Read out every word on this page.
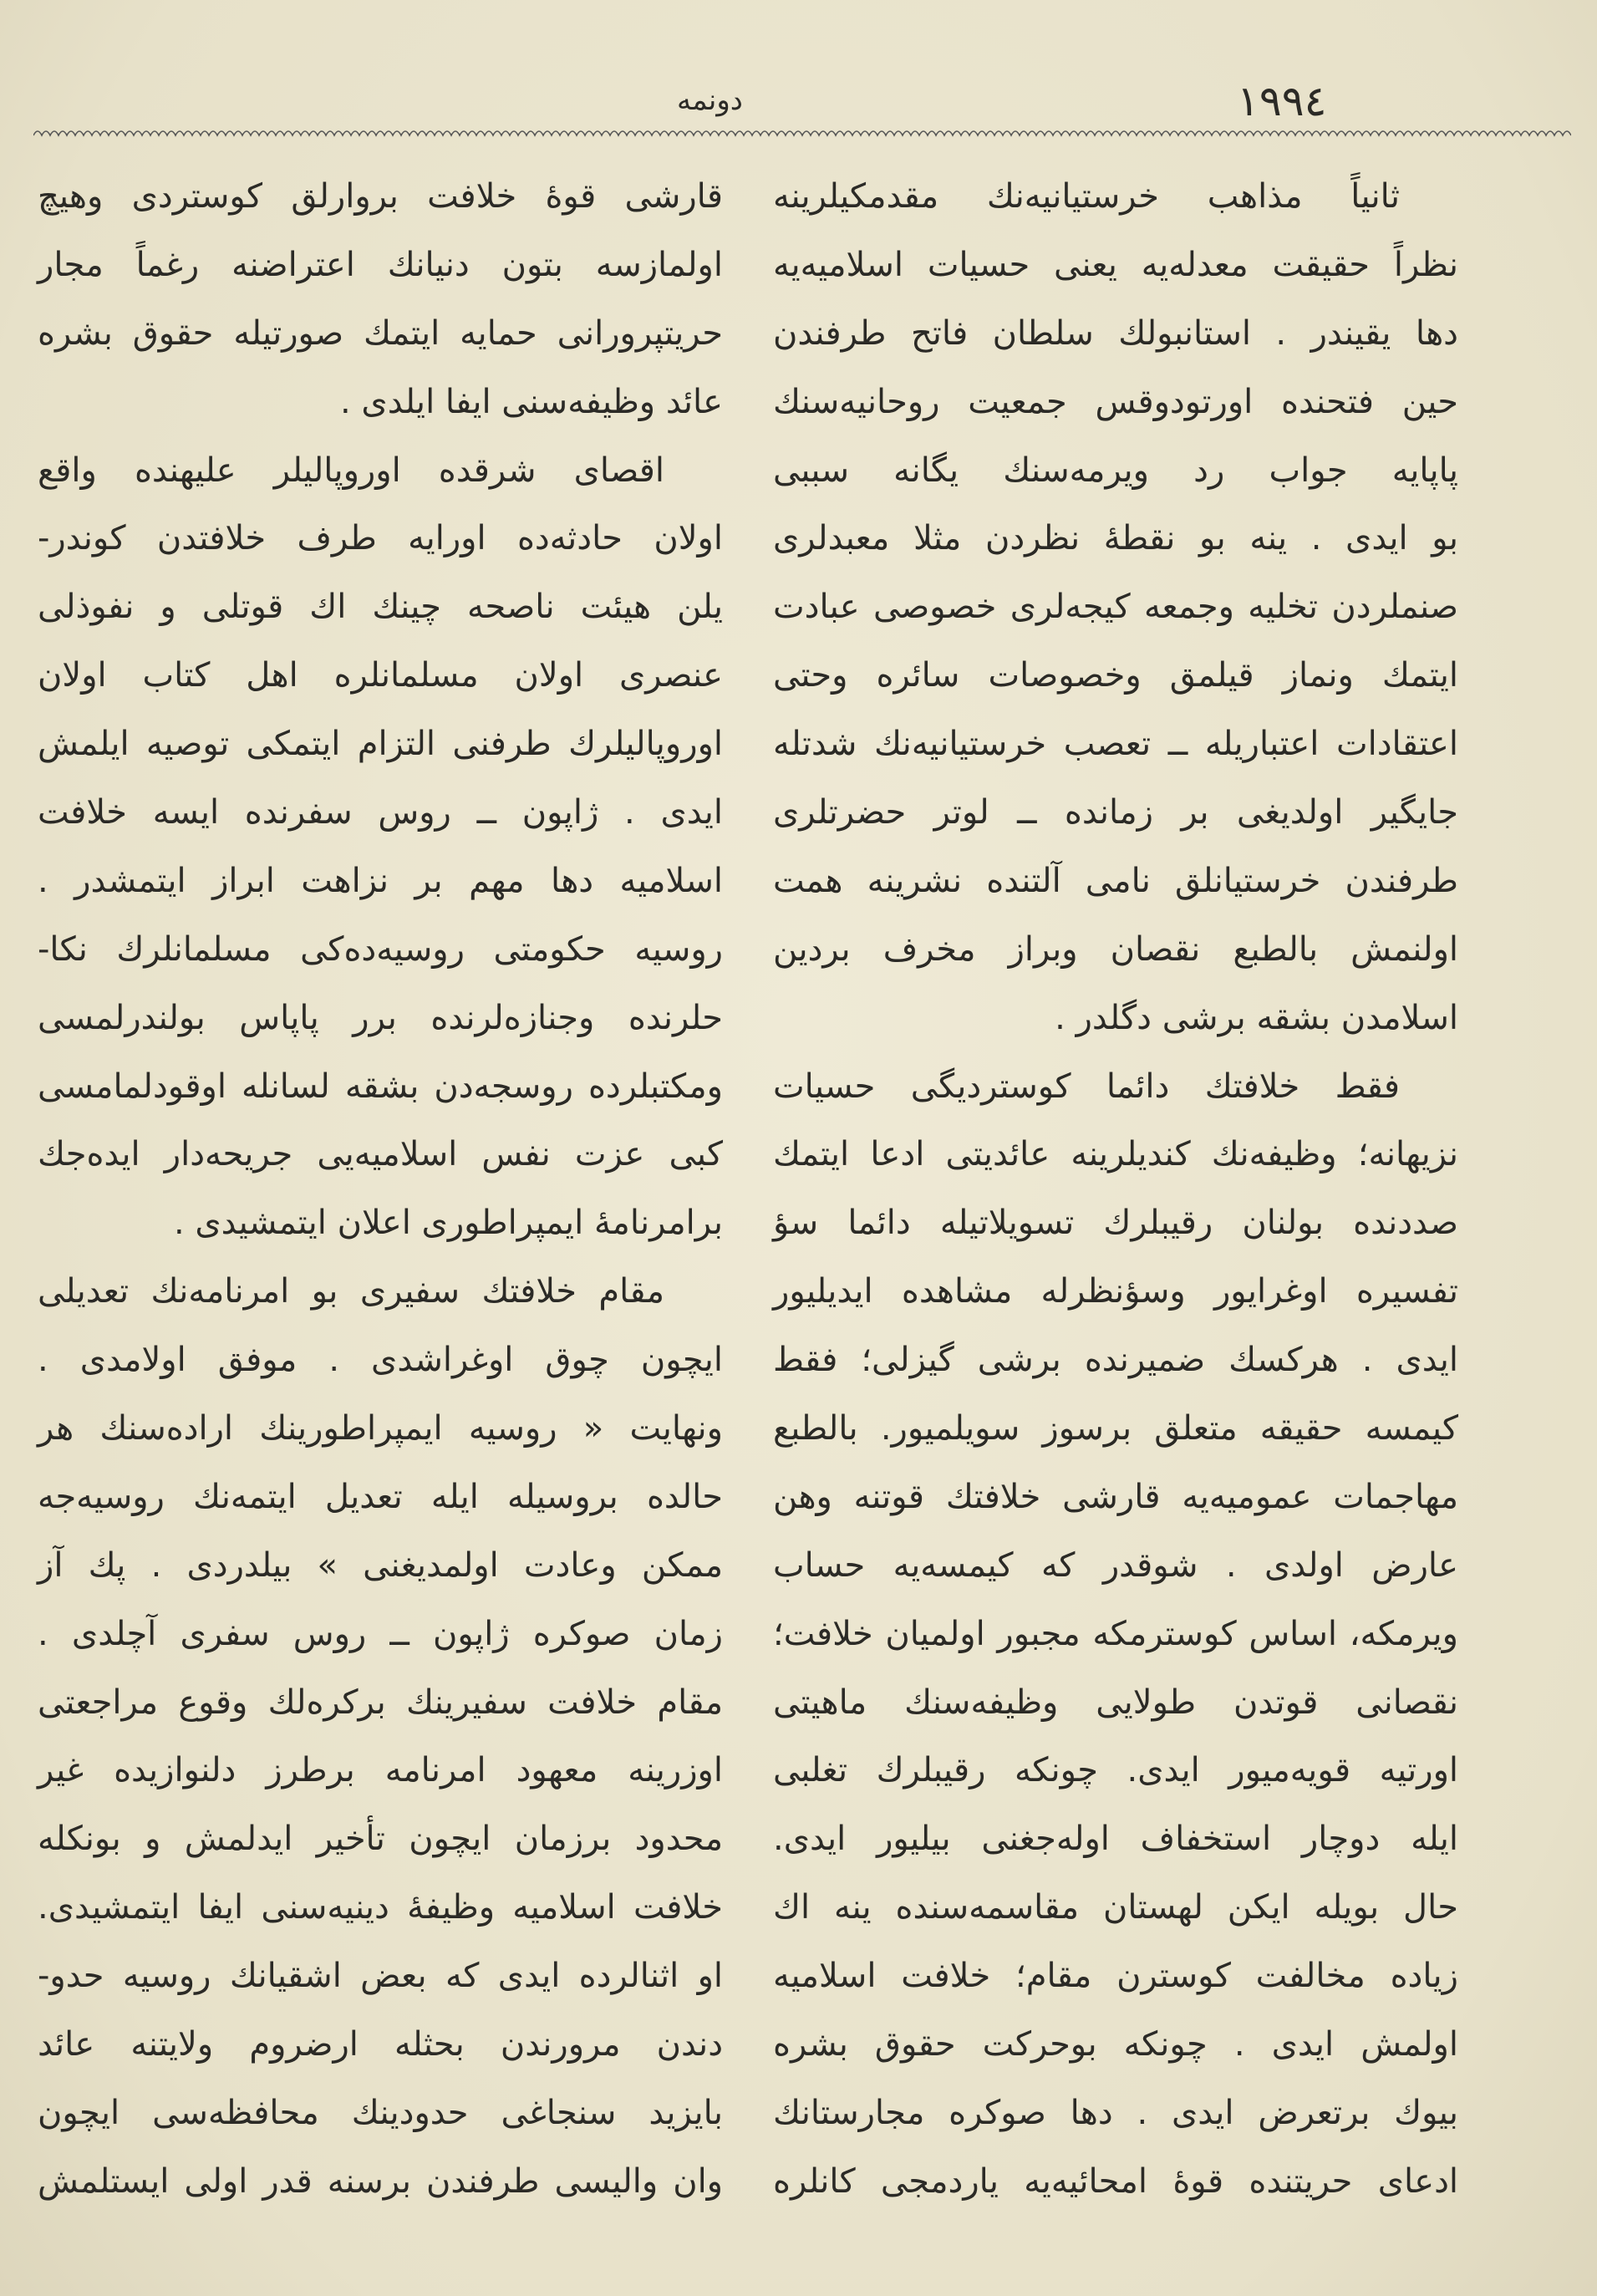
١٩٩٤
دونمه
ثانیاً مذاهب خرستیانیه‌نك مقدمكیلرینه
نظراً حقیقت معدله‌یه یعنی حسیات اسلامیه‌یه
دها یقیندر . استانبولك سلطان فاتح طرفندن
حین فتحنده اورتودوقس جمعیت روحانیه‌سنك
پاپایه جواب رد ویرمه‌سنك یگانه سببی
بو ایدی . ینه بو نقطهٔ نظردن مثلا معبدلری
صنملردن تخلیه وجمعه كیجه‌لری خصوصی عبادت
ایتمك ونماز قیلمق وخصوصات سائره وحتی
اعتقادات اعتباریله ــ تعصب خرستیانیه‌نك شدتله
جایگیر اولدیغی بر زمانده ــ لوتر حضرتلری
طرفندن خرستیانلق نامی آلتنده نشرینه همت
اولنمش بالطبع نقصان وبراز مخرف بردین
اسلامدن بشقه برشی دگلدر .
فقط خلافتك دائما كوستردیگی حسیات
نزیهانه؛ وظیفه‌نك كندیلرینه عائدیتی ادعا ایتمك
صددنده بولنان رقیبلرك تسویلاتیله دائما سؤ
تفسیره اوغرایور وسؤنظرله مشاهده ایدیلیور
ایدی . هركسك ضمیرنده برشی گیزلی؛ فقط
كیمسه حقیقه متعلق برسوز سویلمیور. بالطبع
مهاجمات عمومیه‌یه قارشی خلافتك قوتنه وهن
عارض اولدی . شوقدر كه كیمسه‌یه حساب
ویرمكه، اساس كوسترمكه مجبور اولمیان خلافت؛
نقصانی قوتدن طولایی وظیفه‌سنك ماهیتی
اورتیه قویه‌میور ایدی. چونكه رقیبلرك تغلبی
ایله دوچار استخفاف اوله‌جغنی بیلیور ایدی.
حال بویله ایكن لهستان مقاسمه‌سنده ینه اك
زیاده مخالفت كوسترن مقام؛ خلافت اسلامیه
اولمش ایدی . چونكه بوحركت حقوق بشره
بیوك برتعرض ایدی . دها صوكره مجارستانك
ادعای حریتنده قوهٔ امحائیه‌یه یاردمجی كانلره
قارشی قوهٔ خلافت بروارلق كوستردی وهیچ
اولمازسه بتون دنیانك اعتراضنه رغماً مجار
حریتپرورانی حمایه ایتمك صورتیله حقوق بشره
عائد وظیفه‌سنی ایفا ایلدی .
اقصای شرقده اوروپالیلر علیهنده واقع
اولان حادثه‌ده اورایه طرف خلافتدن كوندر-
یلن هیئت ناصحه چینك اك قوتلی و نفوذلی
عنصری اولان مسلمانلره اهل كتاب اولان
اوروپالیلرك طرفنی التزام ایتمكی توصیه ایلمش
ایدی . ژاپون ــ روس سفرنده ایسه خلافت
اسلامیه دها مهم بر نزاهت ابراز ایتمشدر .
روسیه حكومتی روسیه‌ده‌كی مسلمانلرك نكا-
حلرنده وجنازه‌لرنده برر پاپاس بولندرلمسی
ومكتبلرده روسجه‌دن بشقه لسانله اوقودلمامسی
كبی عزت نفس اسلامیه‌یی جریحه‌دار ایده‌جك
برامرنامهٔ ایمپراطوری اعلان ایتمشیدی .
مقام خلافتك سفیری بو امرنامه‌نك تعدیلی
ایچون چوق اوغراشدی . موفق اولامدی .
ونهایت « روسیه ایمپراطورینك اراده‌سنك هر
حالده بروسیله ایله تعدیل ایتمه‌نك روسیه‌جه
ممكن وعادت اولمدیغنی » بیلدردی . پك آز
زمان صوكره ژاپون ــ روس سفری آچلدی .
مقام خلافت سفیرینك بركره‌لك وقوع مراجعتی
اوزرینه معهود امرنامه برطرز دلنوازیده غیر
محدود برزمان ایچون تأخیر ایدلمش و بونكله
خلافت اسلامیه وظیفهٔ دینیه‌سنی ایفا ایتمشیدی.
او اثنالرده ایدی كه بعض اشقیانك روسیه حدو-
دندن مرورندن بحثله ارضروم ولایتنه عائد
بایزید سنجاغی حدودینك محافظه‌سی ایچون
وان والیسی طرفندن برسنه قدر اولی ایستلمش
